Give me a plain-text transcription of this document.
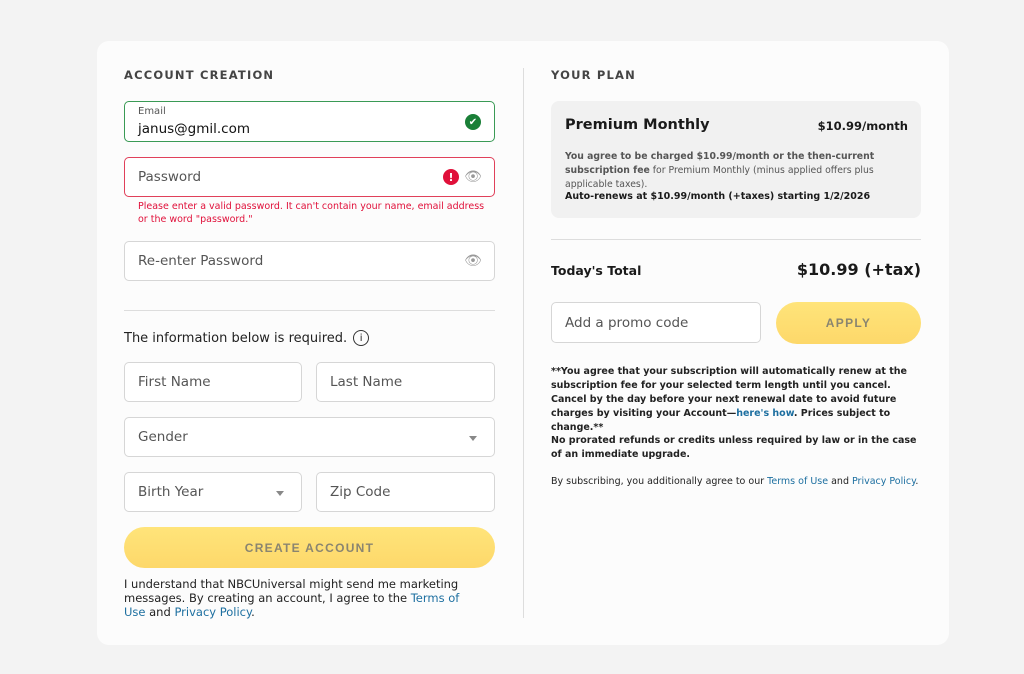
ACCOUNT CREATION
Email
janus@gmil.com	✔
Password	! 👁
Please enter a valid password. It can't contain your name, email address or the word "password."
Re-enter Password	👁
The information below is required.	i
First Name	Last Name
Gender
Birth Year	Zip Code
CREATE ACCOUNT
I understand that NBCUniversal might send me marketing messages. By creating an account, I agree to the Terms of Use and Privacy Policy.
YOUR PLAN
Premium Monthly	$10.99/month
You agree to be charged $10.99/month or the then-current subscription fee for Premium Monthly (minus applied offers plus applicable taxes).
Auto-renews at $10.99/month (+taxes) starting 1/2/2026
Today's Total	$10.99 (+tax)
Add a promo code	APPLY
**You agree that your subscription will automatically renew at the subscription fee for your selected term length until you cancel. Cancel by the day before your next renewal date to avoid future charges by visiting your Account—here's how. Prices subject to change.**
No prorated refunds or credits unless required by law or in the case of an immediate upgrade.
By subscribing, you additionally agree to our Terms of Use and Privacy Policy.
